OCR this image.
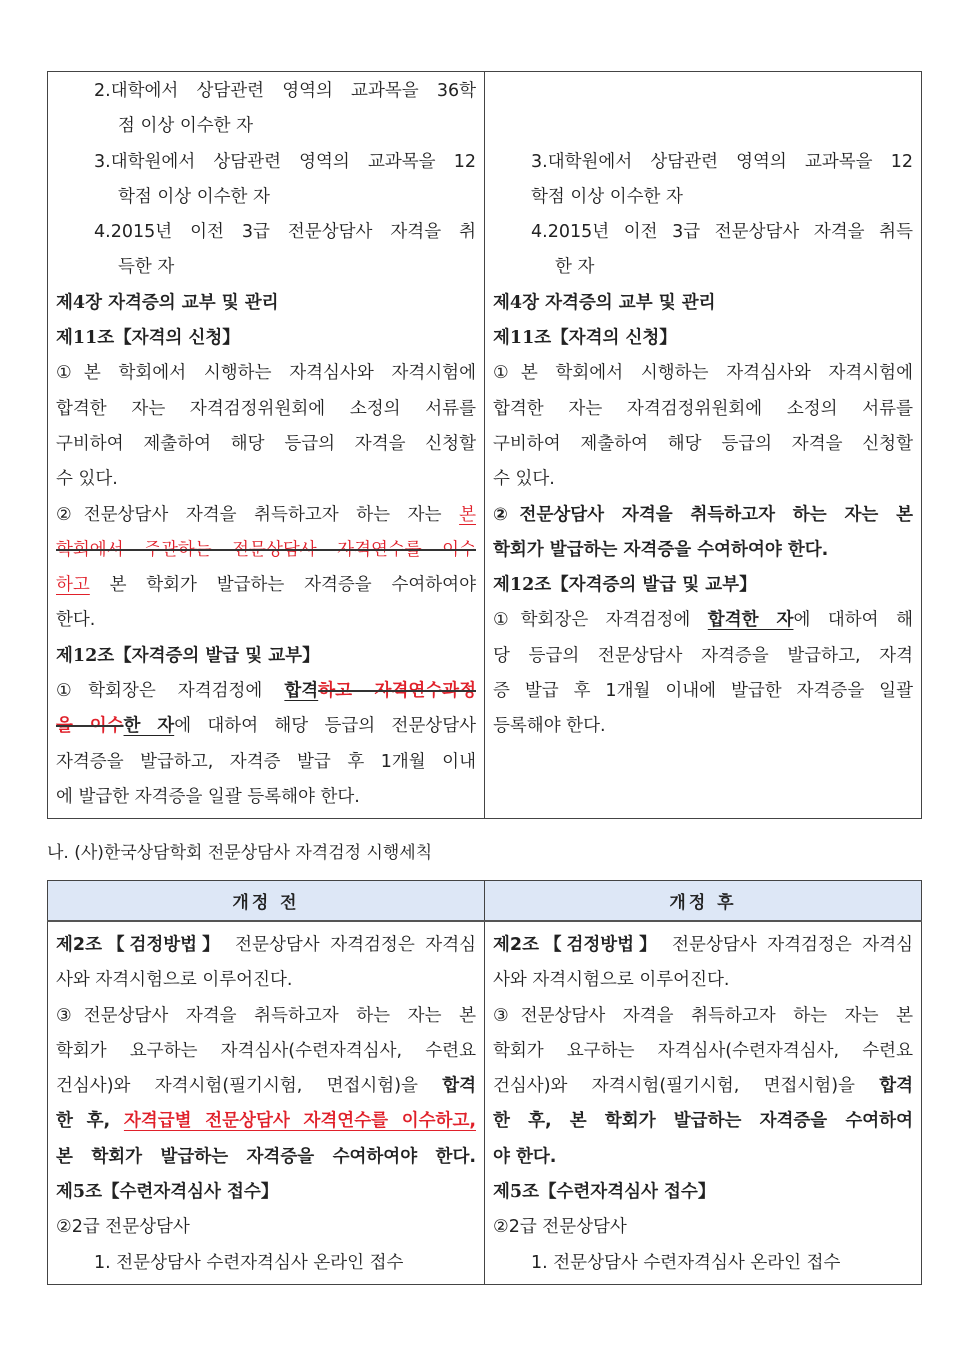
2.대학에서 상담관련 영역의 교과목을 36학
점 이상 이수한 자
3.대학원에서 상담관련 영역의 교과목을 12
학점 이상 이수한 자
4.2015년 이전 3급 전문상담사 자격을 취
득한 자
제4장 자격증의 교부 및 관리
제11조【자격의 신청】
①본 학회에서 시행하는 자격심사와 자격시험에
합격한 자는 자격검정위원회에 소정의 서류를
구비하여 제출하여 해당 등급의 자격을 신청할
수 있다.
②전문상담사 자격을 취득하고자 하는 자는 본
학회에서 주관하는 전문상담사 자격연수를 이수
하고 본 학회가 발급하는 자격증을 수여하여야
한다.
제12조【자격증의 발급 및 교부】
①학회장은 자격검정에 합격하고 자격연수과정
을 이수한 자에 대하여 해당 등급의 전문상담사
자격증을 발급하고, 자격증 발급 후 1개월 이내
에 발급한 자격증을 일괄 등록해야 한다.

3.대학원에서 상담관련 영역의 교과목을 12
학점 이상 이수한 자
4.2015년 이전 3급 전문상담사 자격을 취득
한 자
제4장 자격증의 교부 및 관리
제11조【자격의 신청】
①본 학회에서 시행하는 자격심사와 자격시험에
합격한 자는 자격검정위원회에 소정의 서류를
구비하여 제출하여 해당 등급의 자격을 신청할
수 있다.
②전문상담사 자격을 취득하고자 하는 자는 본
학회가 발급하는 자격증을 수여하여야 한다.
제12조【자격증의 발급 및 교부】
①학회장은 자격검정에 합격한 자에 대하여 해
당 등급의 전문상담사 자격증을 발급하고, 자격
증 발급 후 1개월 이내에 발급한 자격증을 일괄
등록해야 한다.
나. (사)한국상담학회 전문상담사 자격검정 시행세칙
개정 전	개정 후

제2조【검정방법】 전문상담사 자격검정은 자격심
사와 자격시험으로 이루어진다.
③전문상담사 자격을 취득하고자 하는 자는 본
학회가 요구하는 자격심사(수련자격심사, 수련요
건심사)와 자격시험(필기시험, 면접시험)을 합격
한 후, 자격급별 전문상담사 자격연수를 이수하고,
본 학회가 발급하는 자격증을 수여하여야 한다.
제5조【수련자격심사 접수】
②2급 전문상담사
1. 전문상담사 수련자격심사 온라인 접수

제2조【검정방법】 전문상담사 자격검정은 자격심
사와 자격시험으로 이루어진다.
③전문상담사 자격을 취득하고자 하는 자는 본
학회가 요구하는 자격심사(수련자격심사, 수련요
건심사)와 자격시험(필기시험, 면접시험)을 합격
한 후, 본 학회가 발급하는 자격증을 수여하여
야 한다.
제5조【수련자격심사 접수】
②2급 전문상담사
1. 전문상담사 수련자격심사 온라인 접수
